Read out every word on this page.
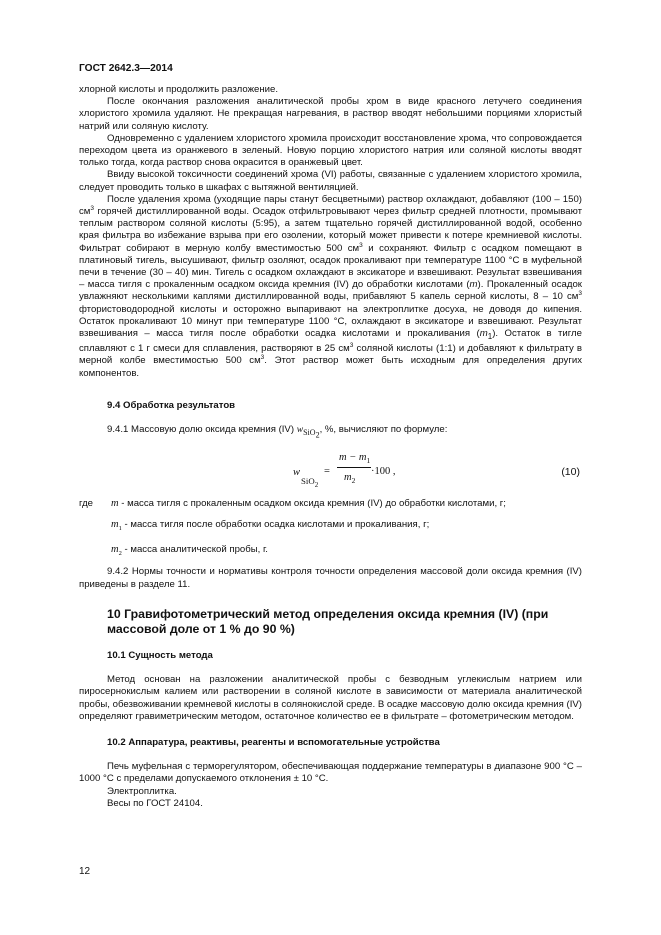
ГОСТ 2642.3—2014

хлорной кислоты и продолжить разложение.

После окончания разложения аналитической пробы хром в виде красного летучего соединения хлористого хромила удаляют. Не прекращая нагревания, в раствор вводят небольшими порциями хлористый натрий или соляную кислоту.

Одновременно с удалением хлористого хромила происходит восстановление хрома, что сопровождается переходом цвета из оранжевого в зеленый. Новую порцию хлористого натрия или соляной кислоты вводят только тогда, когда раствор снова окрасится в оранжевый цвет.

Ввиду высокой токсичности соединений хрома (VI) работы, связанные с удалением хлористого хромила, следует проводить только в шкафах с вытяжной вентиляцией.

После удаления хрома (уходящие пары станут бесцветными) раствор охлаждают, добавляют (100 – 150) $см^3$ горячей дистиллированной воды. Осадок отфильтровывают через фильтр средней плотности, промывают теплым раствором соляной кислоты (5:95), а затем тщательно горячей дистиллированной водой, особенно края фильтра во избежание взрыва при его озолении, который может привести к потере кремниевой кислоты. Фильтрат собирают в мерную колбу вместимостью 500 $см^3$ и сохраняют. Фильтр с осадком помещают в платиновый тигель, высушивают, фильтр озоляют, осадок прокаливают при температуре 1100 °С в муфельной печи в течение (30 – 40) мин. Тигель с осадком охлаждают в эксикаторе и взвешивают. Результат взвешивания – масса тигля с прокаленным осадком оксида кремния (IV) до обработки кислотами (m). Прокаленный осадок увлажняют несколькими каплями дистиллированной воды, прибавляют 5 капель серной кислоты, 8 – 10 $см^3$ фтористоводородной кислоты и осторожно выпаривают на электроплитке досуха, не доводя до кипения. Остаток прокаливают 10 минут при температуре 1100 °С, охлаждают в эксикаторе и взвешивают. Результат взвешивания – масса тигля после обработки осадка кислотами и прокаливания $(m_1)$. Остаток в тигле сплавляют с 1 г смеси для сплавления, растворяют в 25 $см^3$ соляной кислоты (1:1) и добавляют к фильтрату в мерной колбе вместимостью 500 $см^3$. Этот раствор может быть исходным для определения других компонентов.

9.4 Обработка результатов

9.4.1 Массовую долю оксида кремния (IV) $w_{SiO_2}$, %, вычисляют по формуле:

w
SiO$_2$
=
$m - m_1$
$m_2$
·100 ,	(10)
где m - масса тигля с прокаленным осадком оксида кремния (IV) до обработки кислотами, г;

$m_1$ - масса тигля после обработки осадка кислотами и прокаливания, г;

$m_2$ - масса аналитической пробы, г.

9.4.2 Нормы точности и нормативы контроля точности определения массовой доли оксида кремния (IV) приведены в разделе 11.

10 Гравифотометрический метод определения оксида кремния (IV) (при массовой доле от 1 % до 90 %)

10.1 Сущность метода

Метод основан на разложении аналитической пробы с безводным углекислым натрием или пиросернокислым калием или растворении в соляной кислоте в зависимости от материала аналитической пробы, обезвоживании кремневой кислоты в солянокислой среде. В осадке массовую долю оксида кремния (IV) определяют гравиметрическим методом, остаточное количество ее в фильтрате – фотометрическим методом.

10.2 Аппаратура, реактивы, реагенты и вспомогательные устройства

Печь муфельная с терморегулятором, обеспечивающая поддержание температуры в диапазоне 900 °С – 1000 °С с пределами допускаемого отклонения ± 10 °С.

Электроплитка.

Весы по ГОСТ 24104.

12
